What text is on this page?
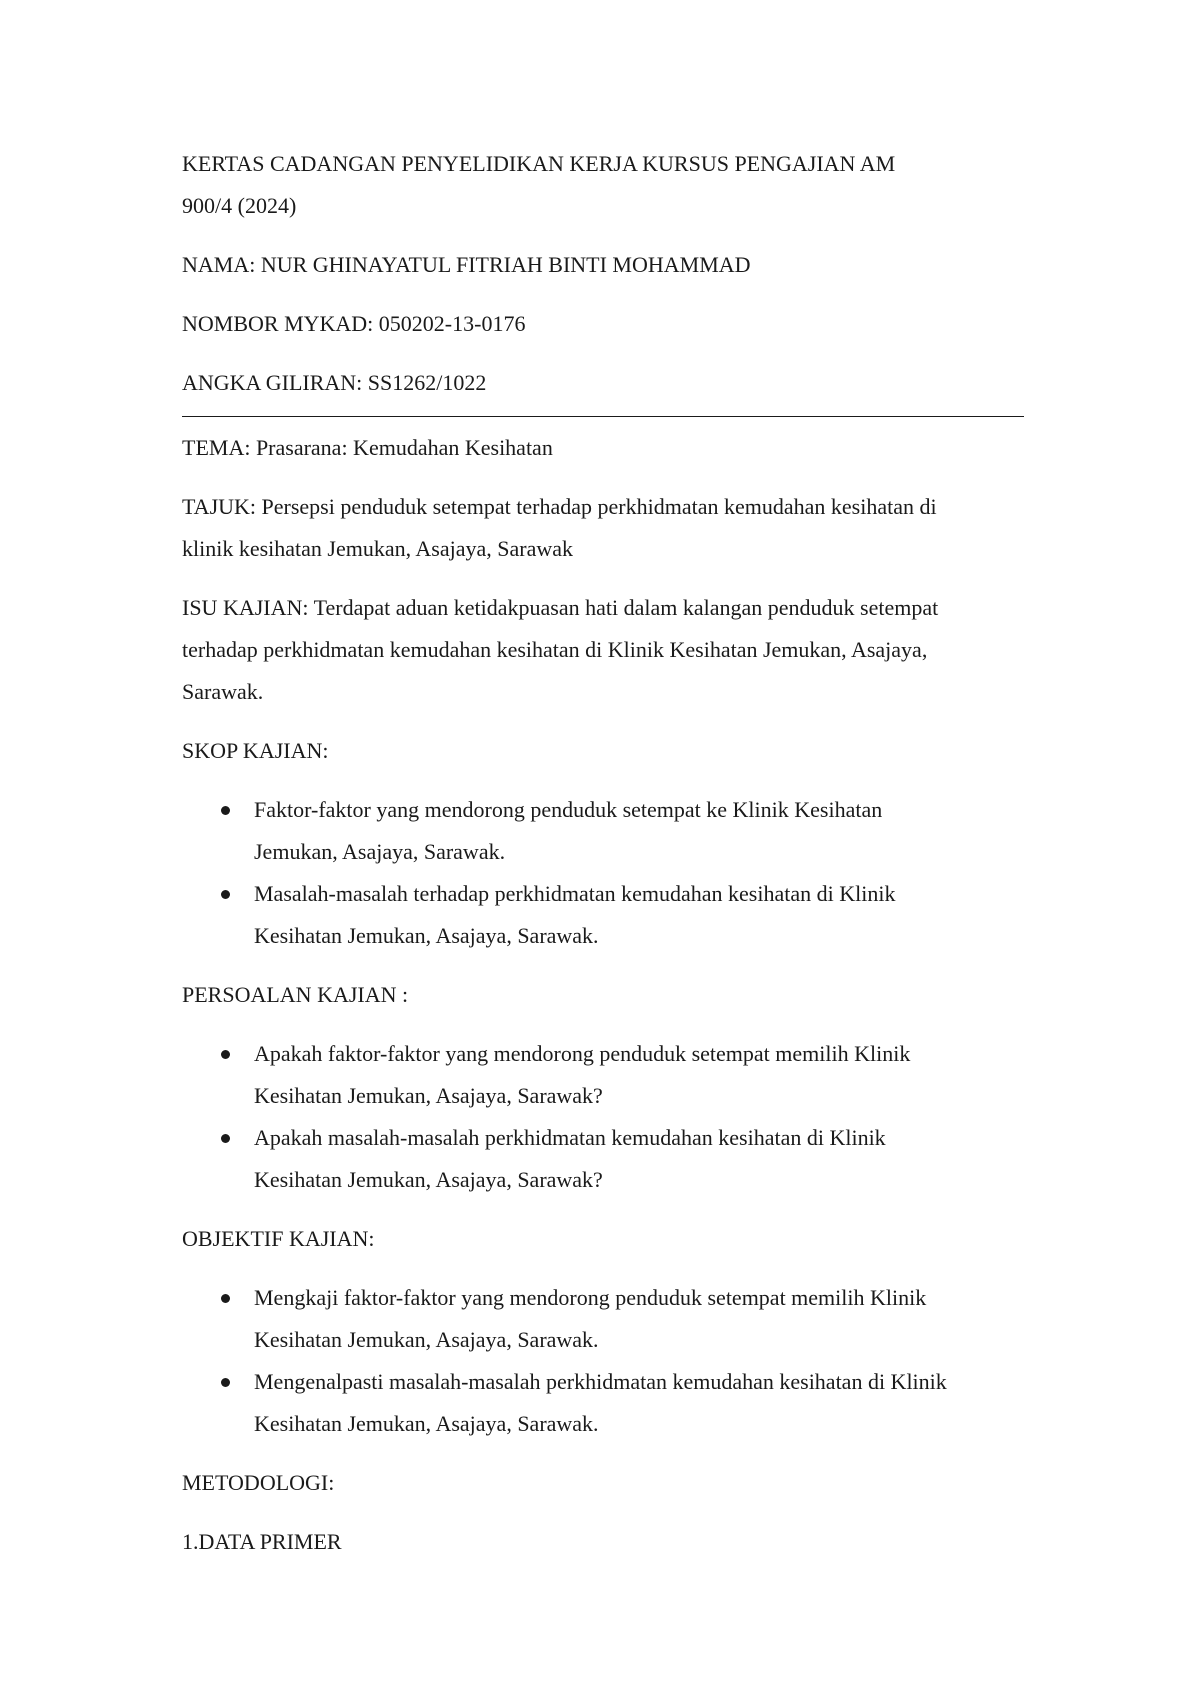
KERTAS CADANGAN PENYELIDIKAN KERJA KURSUS PENGAJIAN AM

900/4 (2024)

NAMA: NUR GHINAYATUL FITRIAH BINTI MOHAMMAD

NOMBOR MYKAD: 050202-13-0176

ANGKA GILIRAN: SS1262/1022

TEMA: Prasarana: Kemudahan Kesihatan

TAJUK: Persepsi penduduk setempat terhadap perkhidmatan kemudahan kesihatan di

klinik kesihatan Jemukan, Asajaya, Sarawak

ISU KAJIAN: Terdapat aduan ketidakpuasan hati dalam kalangan penduduk setempat

terhadap perkhidmatan kemudahan kesihatan di Klinik Kesihatan Jemukan, Asajaya,

Sarawak.

SKOP KAJIAN:

Faktor-faktor yang mendorong penduduk setempat ke Klinik Kesihatan

Jemukan, Asajaya, Sarawak.

Masalah-masalah terhadap perkhidmatan kemudahan kesihatan di Klinik

Kesihatan Jemukan, Asajaya, Sarawak.

PERSOALAN KAJIAN :

Apakah faktor-faktor yang mendorong penduduk setempat memilih Klinik

Kesihatan Jemukan, Asajaya, Sarawak?

Apakah masalah-masalah perkhidmatan kemudahan kesihatan di Klinik

Kesihatan Jemukan, Asajaya, Sarawak?

OBJEKTIF KAJIAN:

Mengkaji faktor-faktor yang mendorong penduduk setempat memilih Klinik

Kesihatan Jemukan, Asajaya, Sarawak.

Mengenalpasti masalah-masalah perkhidmatan kemudahan kesihatan di Klinik

Kesihatan Jemukan, Asajaya, Sarawak.

METODOLOGI:

1.DATA PRIMER
